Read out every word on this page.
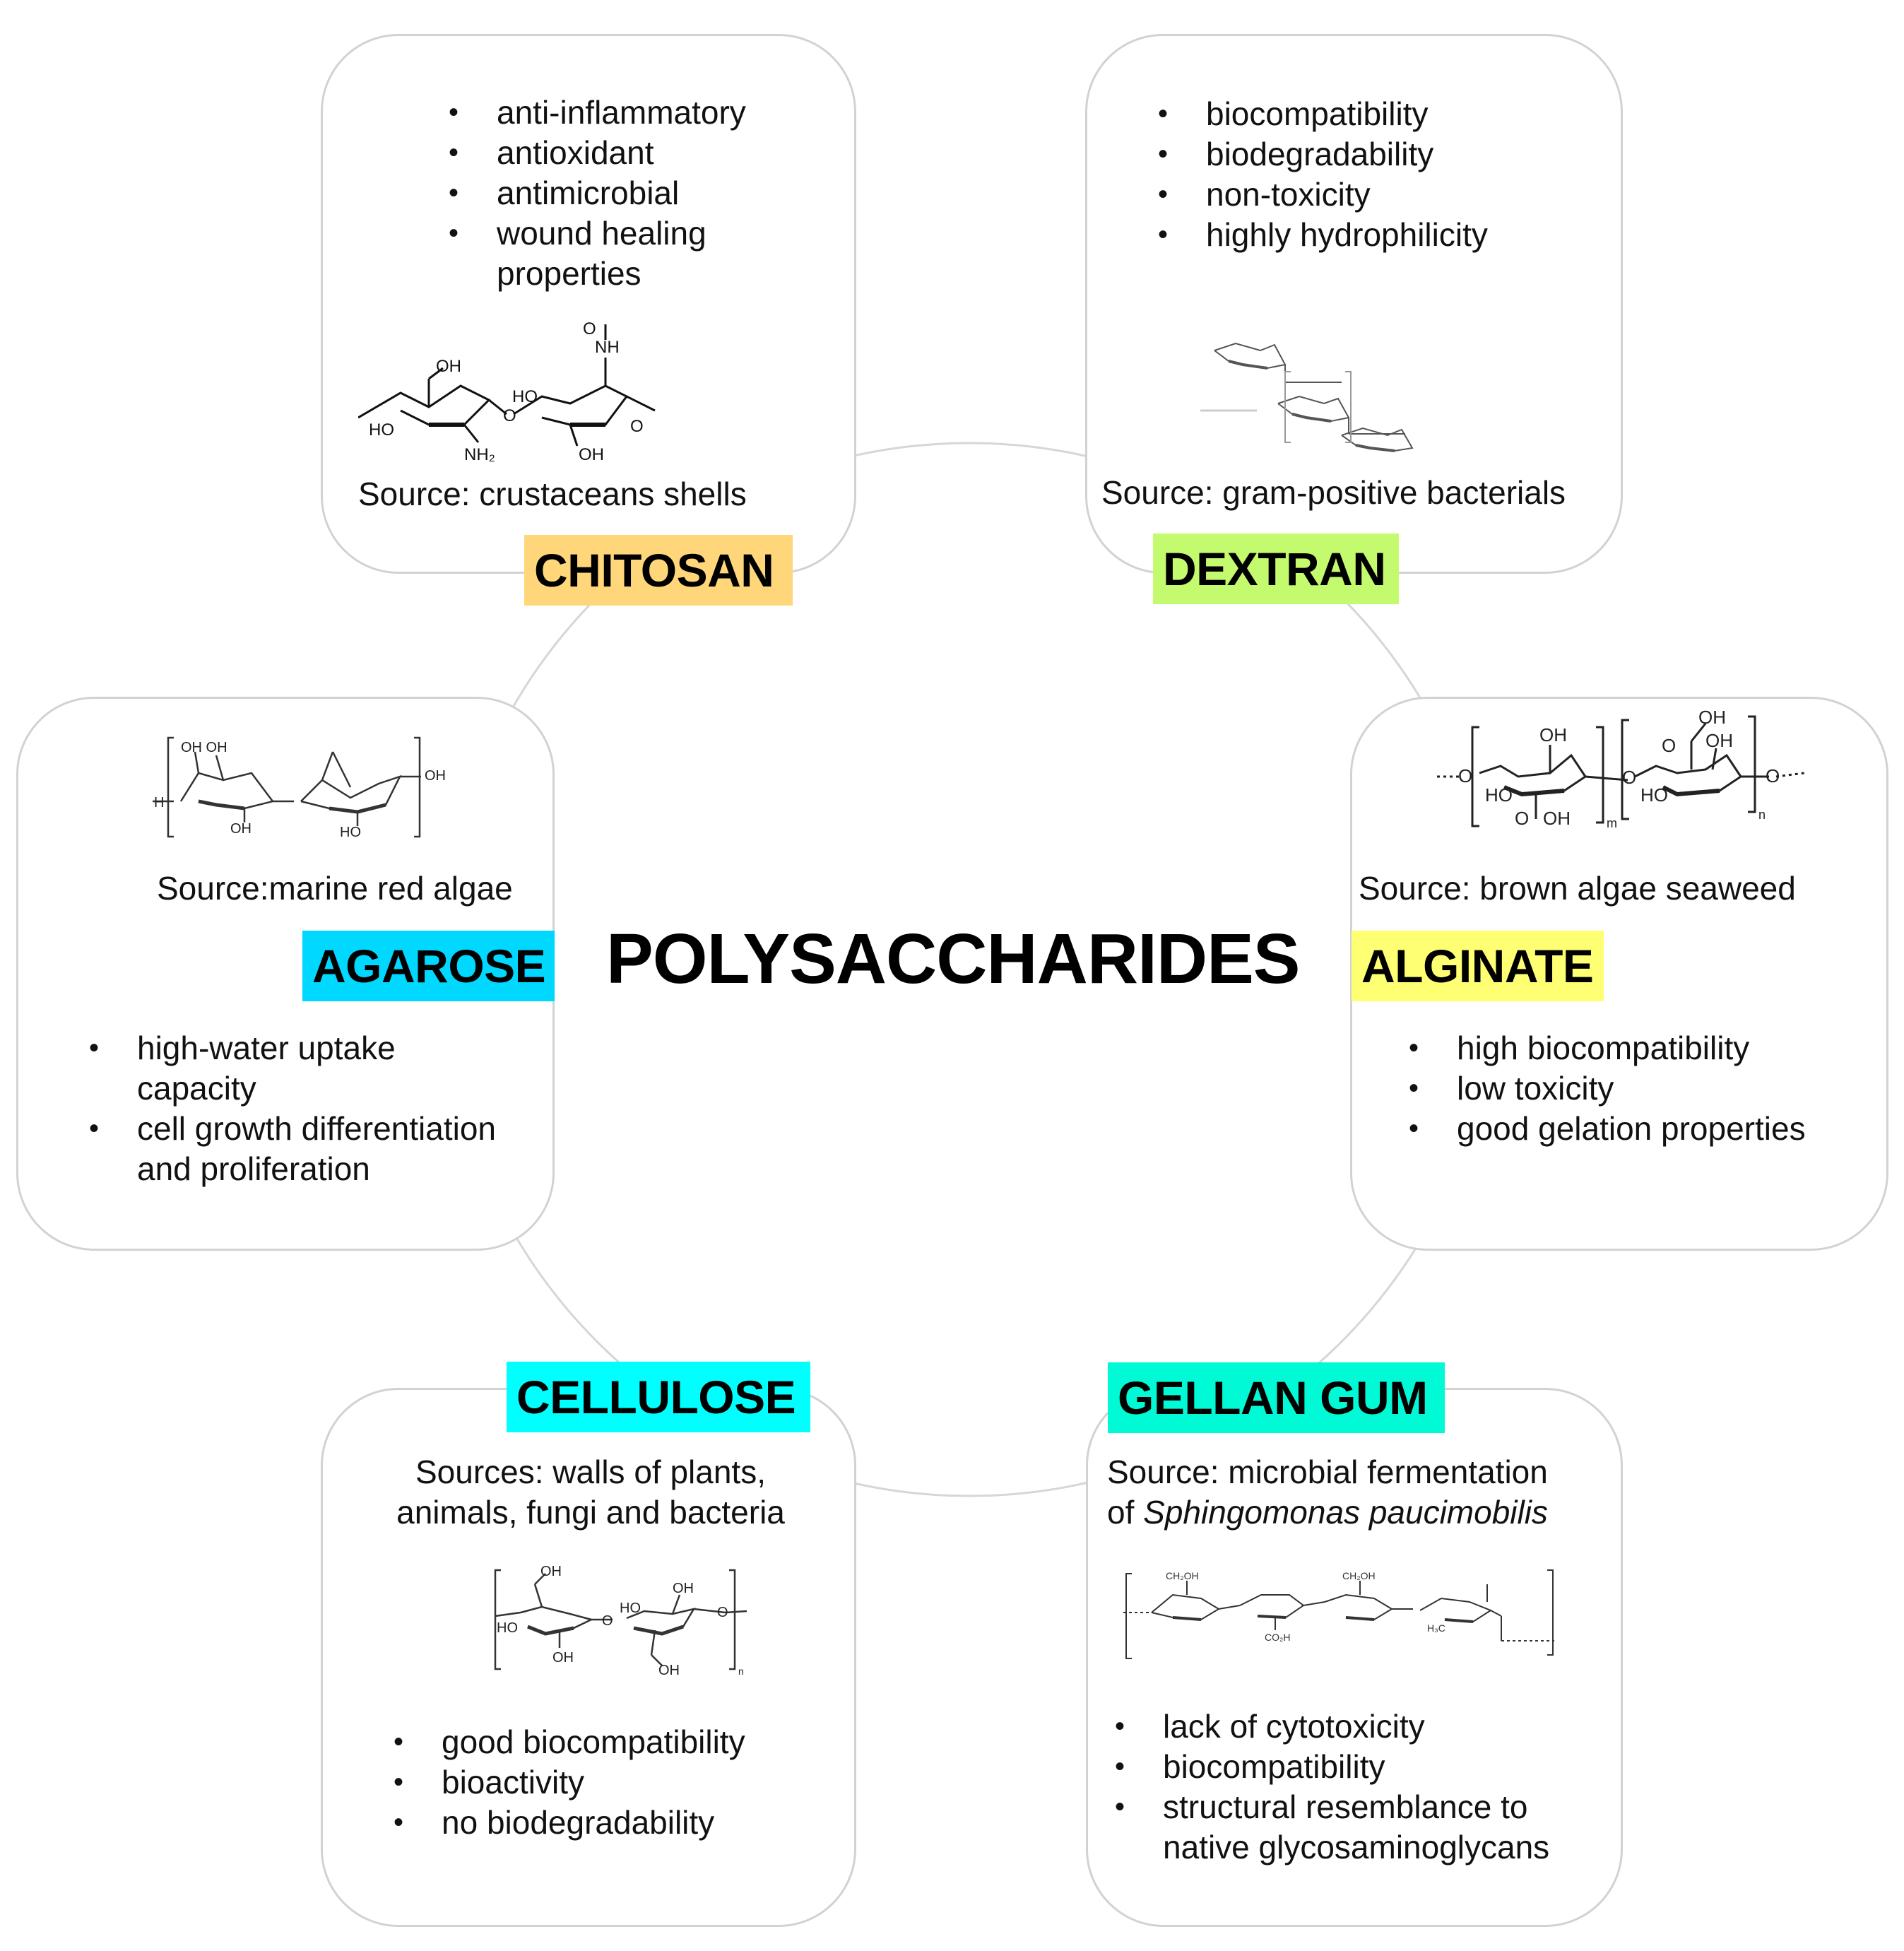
POLYSACCHARIDES
• anti-inflammatory
• antioxidant
• antimicrobial
• wound healing properties
OH
HO
NH₂
O
HO
NH
O
OH
O
Source: crustaceans shells
CHITOSAN
• biocompatibility
• biodegradability
• non-toxicity
• highly hydrophilicity
Source: gram-positive bacterials
DEXTRAN
OH OH
OH	HO
OH
H
Source:marine red algae
• high-water uptake capacity
• cell growth differentiation and proliferation
AGAROSE
O
HO
OH
O OH	m
O
OH
O OH
HO
n
O
Source: brown algae seaweed
• high biocompatibility
• low toxicity
• good gelation properties
ALGINATE
Sources: walls of plants,
animals, fungi and bacteria
OH
HO
OH
O
HO
OH
OH
O
n
• good biocompatibility
• bioactivity
• no biodegradability
CELLULOSE
Source: microbial fermentation
of Sphingomonas paucimobilis
CH₂OH
CO₂H
CH₂OH
H₃C
• lack of cytotoxicity
• biocompatibility
• structural resemblance to native glycosaminoglycans
GELLAN GUM
